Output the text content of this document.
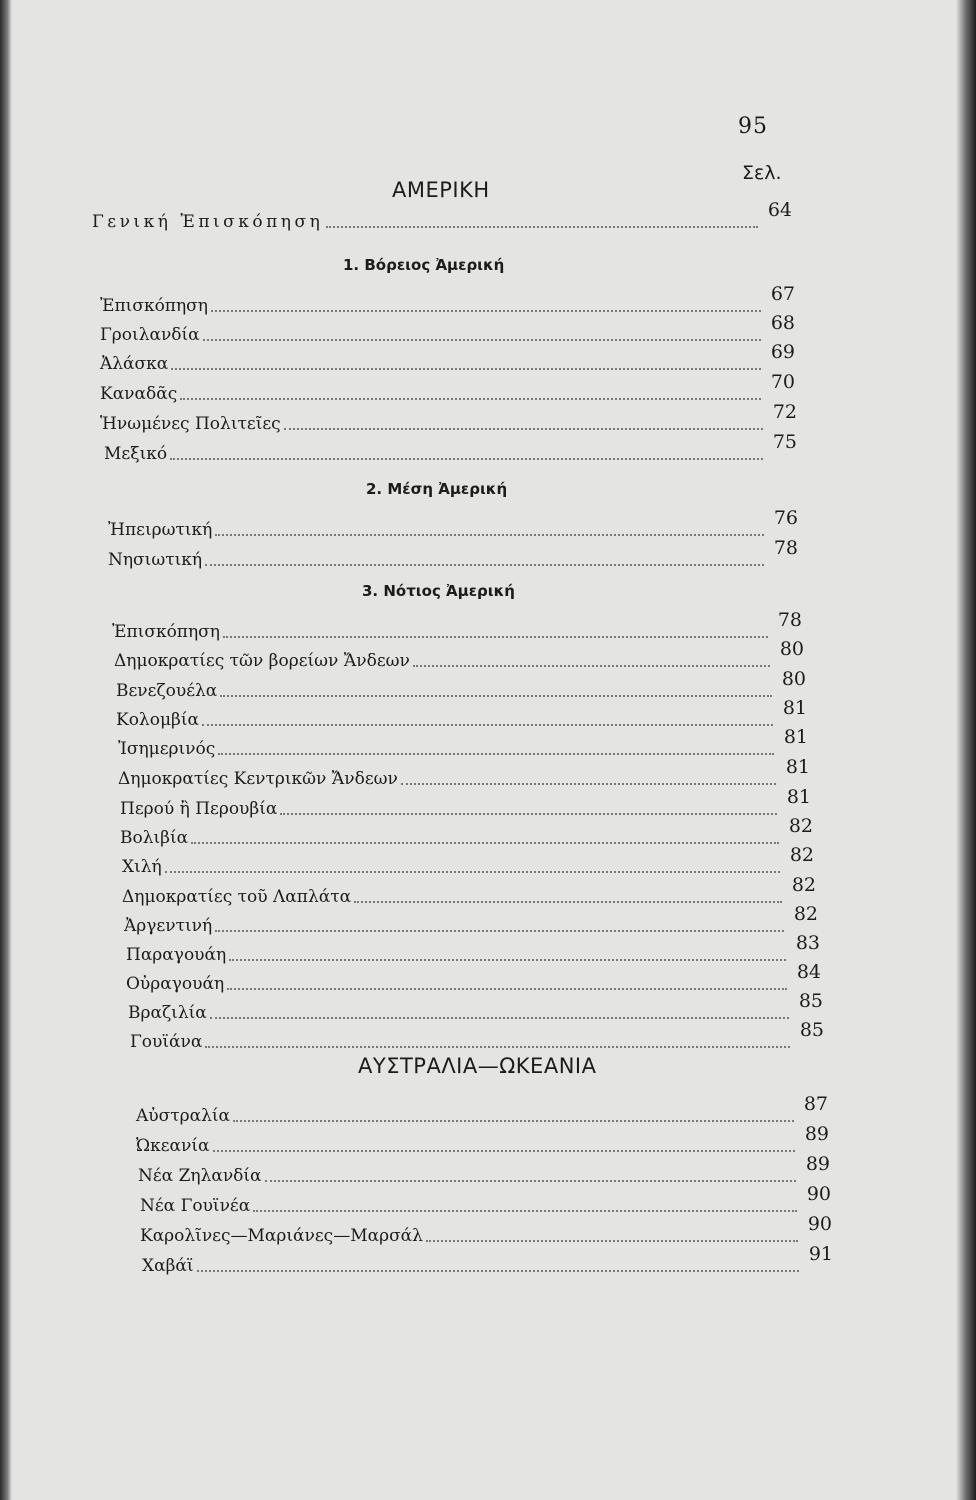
95
Σελ.
ΑΜΕΡΙΚΗ
Γενική Ἐπισκόπηση
64
1. Βόρειος Ἀμερική
Ἐπισκόπηση
67
Γροιλανδία
68
Ἀλάσκα
69
Καναδᾶς
70
Ἡνωμένες Πολιτεῖες
72
Μεξικό
75
2. Μέση Ἀμερική
Ἠπειρωτική
76
Νησιωτική
78
3. Νότιος Ἀμερική
Ἐπισκόπηση
78
Δημοκρατίες τῶν βορείων Ἄνδεων
80
Βενεζουέλα
80
Κολομβία
81
Ἰσημερινός
81
Δημοκρατίες Κεντρικῶν Ἄνδεων
81
Περού ἢ Περουβία
81
Βολιβία
82
Χιλή
82
Δημοκρατίες τοῦ Λαπλάτα
82
Ἀργεντινή
82
Παραγουάη
83
Οὐραγουάη
84
Βραζιλία
85
Γουϊάνα
85
ΑΥΣΤΡΑΛΙΑ—ΩΚΕΑΝΙΑ
Αὐστραλία
87
Ὠκεανία
89
Νέα Ζηλανδία
89
Νέα Γουϊνέα
90
Καρολῖνες—Μαριάνες—Μαρσάλ
90
Χαβάϊ
91
